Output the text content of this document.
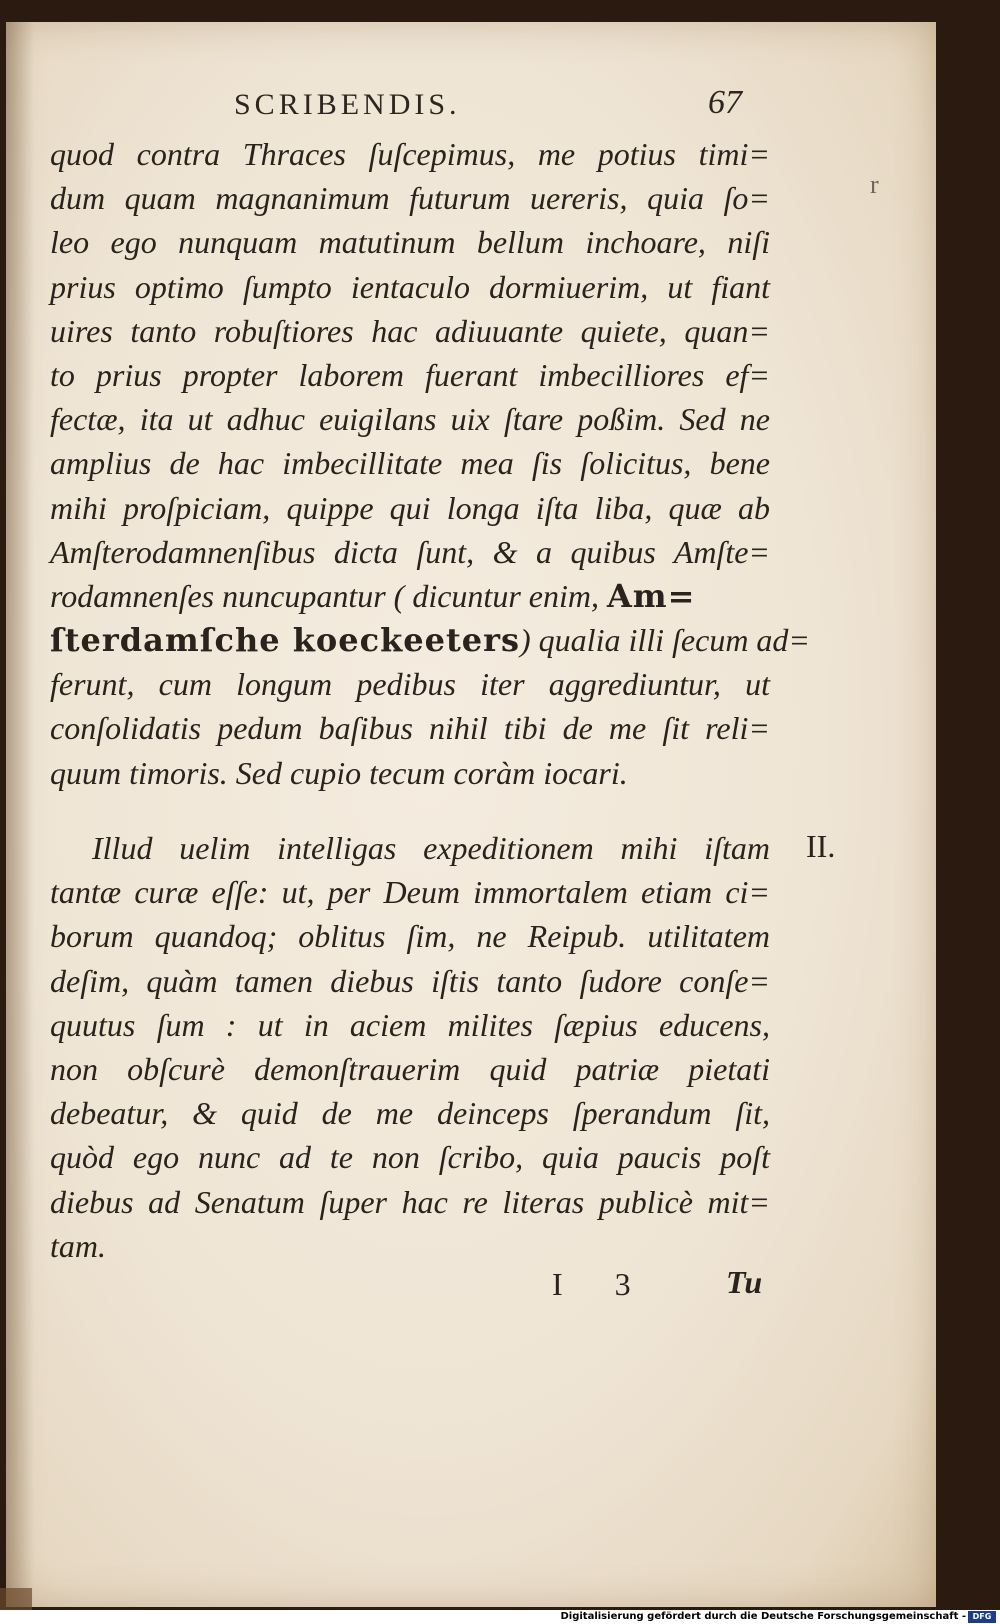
SCRIBENDIS.	67
r
quod contra Thraces ſuſcepimus, me potius timi=
dum quam magnanimum futurum uereris, quia ſo=
leo ego nunquam matutinum bellum inchoare, niſi
prius optimo ſumpto ientaculo dormiuerim, ut fiant
uires tanto robuſtiores hac adiuuante quiete, quan=
to prius propter laborem fuerant imbecilliores ef=
fectæ, ita ut adhuc euigilans uix ſtare poßim. Sed ne
amplius de hac imbecillitate mea ſis ſolicitus, bene
mihi proſpiciam, quippe qui longa iſta liba, quæ ab
Amſterodamnenſibus dicta ſunt, & a quibus Amſte=
rodamnenſes nuncupantur ( dicuntur enim, Am=
ſterdamſche koeckeeters) qualia illi ſecum ad=
ferunt, cum longum pedibus iter aggrediuntur, ut
conſolidatis pedum baſibus nihil tibi de me ſit reli=
quum timoris. Sed cupio tecum coràm iocari.
II.
Illud uelim intelligas expeditionem mihi iſtam
tantæ curæ eſſe: ut, per Deum immortalem etiam ci=
borum quandoq; oblitus ſim, ne Reipub. utilitatem
deſim, quàm tamen diebus iſtis tanto ſudore conſe=
quutus ſum : ut in aciem milites ſæpius educens,
non obſcurè demonſtrauerim quid patriæ pietati
debeatur, & quid de me deinceps ſperandum ſit,
quòd ego nunc ad te non ſcribo, quia paucis poſt
diebus ad Senatum ſuper hac re literas publicè mit=
tam.
I 3 Tu
Digitalisierung gefördert durch die Deutsche Forschungsgemeinschaft - DFG
